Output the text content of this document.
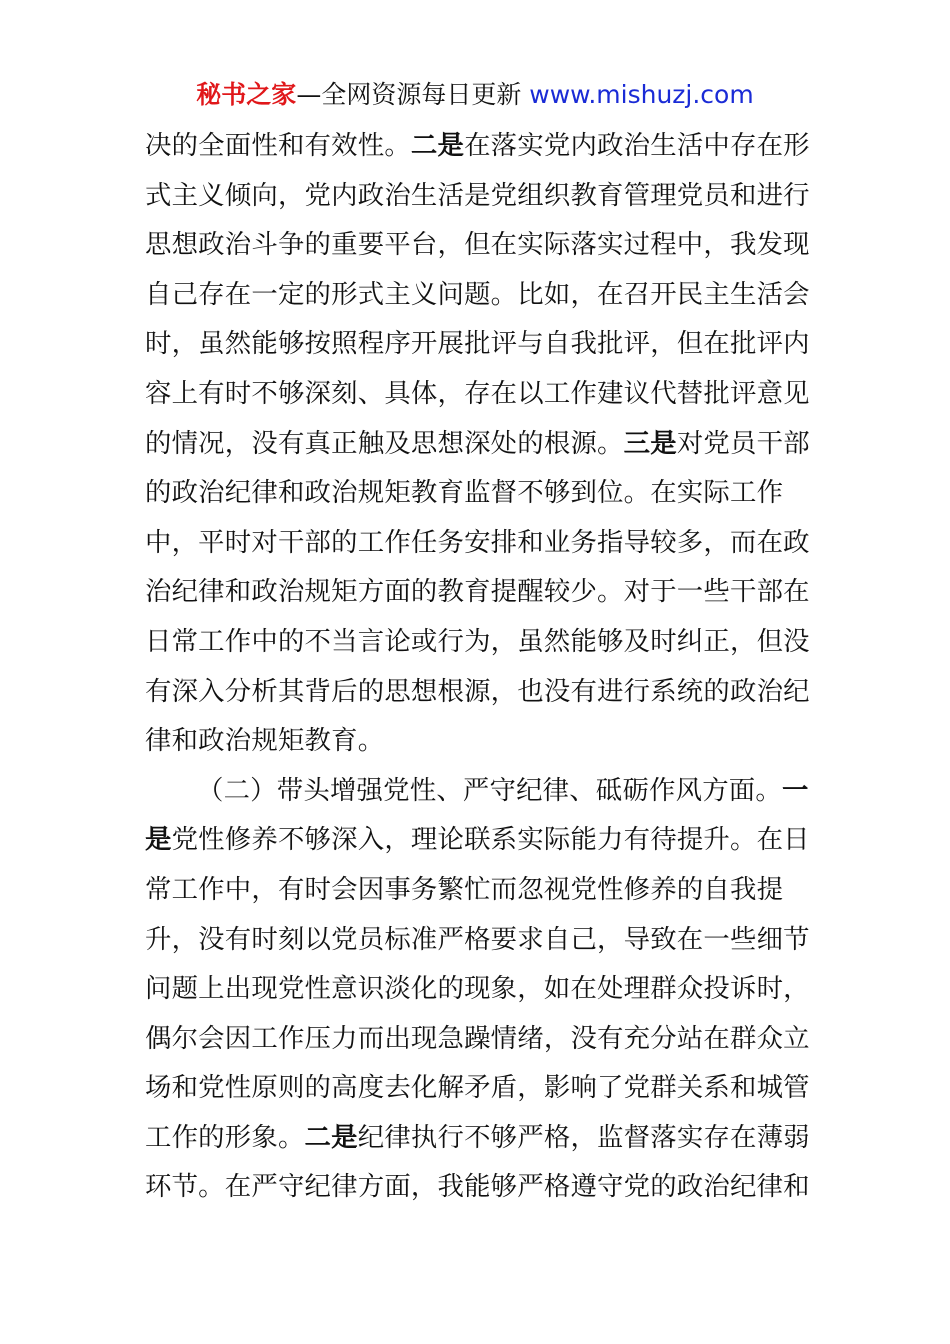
秘书之家—全网资源每日更新 www.mishuzj.com
决的全面性和有效性。二是在落实党内政治生活中存在形
式主义倾向，党内政治生活是党组织教育管理党员和进行
思想政治斗争的重要平台，但在实际落实过程中，我发现
自己存在一定的形式主义问题。比如，在召开民主生活会
时，虽然能够按照程序开展批评与自我批评，但在批评内
容上有时不够深刻、具体，存在以工作建议代替批评意见
的情况，没有真正触及思想深处的根源。三是对党员干部
的政治纪律和政治规矩教育监督不够到位。在实际工作
中，平时对干部的工作任务安排和业务指导较多，而在政
治纪律和政治规矩方面的教育提醒较少。对于一些干部在
日常工作中的不当言论或行为，虽然能够及时纠正，但没
有深入分析其背后的思想根源，也没有进行系统的政治纪
律和政治规矩教育。
（二）带头增强党性、严守纪律、砥砺作风方面。一
是党性修养不够深入，理论联系实际能力有待提升。在日
常工作中，有时会因事务繁忙而忽视党性修养的自我提
升，没有时刻以党员标准严格要求自己，导致在一些细节
问题上出现党性意识淡化的现象，如在处理群众投诉时，
偶尔会因工作压力而出现急躁情绪，没有充分站在群众立
场和党性原则的高度去化解矛盾，影响了党群关系和城管
工作的形象。二是纪律执行不够严格，监督落实存在薄弱
环节。在严守纪律方面，我能够严格遵守党的政治纪律和
